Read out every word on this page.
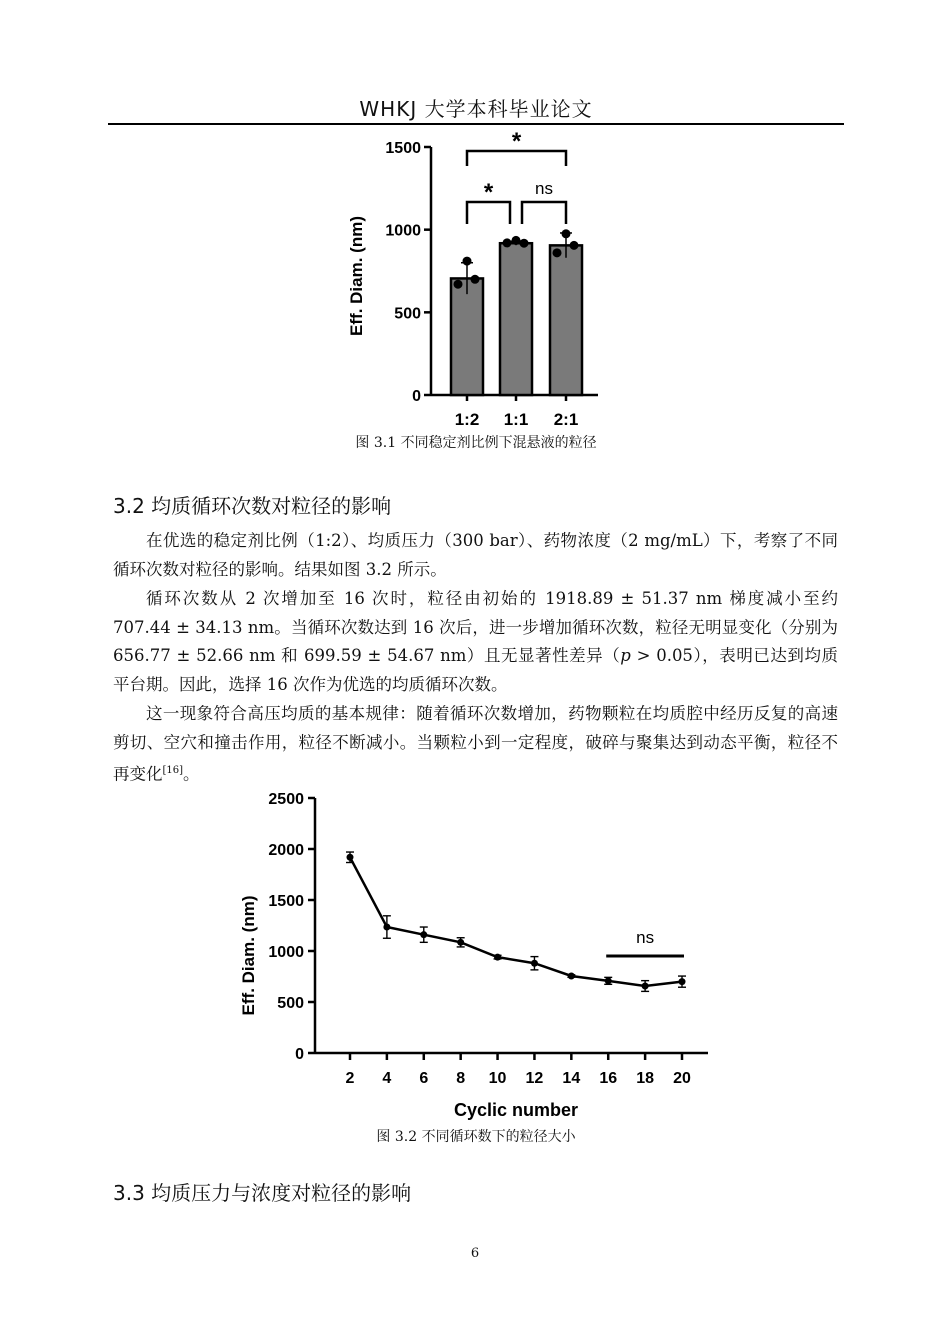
WHKJ 大学本科毕业论文
0
500
1000
1500
Eff. Diam. (nm)
1:2 1:1 2:1
*
* ns
图 3.1 不同稳定剂比例下混悬液的粒径
3.2 均质循环次数对粒径的影响

在优选的稳定剂比例（1:2）、均质压力（300 bar）、药物浓度（2 mg/mL）下，考察了不同循环次数对粒径的影响。结果如图 3.2 所示。

循环次数从 2 次增加至 16 次时，粒径由初始的 1918.89 ± 51.37 nm 梯度减小至约 707.44 ± 34.13 nm。当循环次数达到 16 次后，进一步增加循环次数，粒径无明显变化（分别为 656.77 ± 52.66 nm 和 699.59 ± 54.67 nm）且无显著性差异（p > 0.05），表明已达到均质平台期。因此，选择 16 次作为优选的均质循环次数。

这一现象符合高压均质的基本规律：随着循环次数增加，药物颗粒在均质腔中经历反复的高速剪切、空穴和撞击作用，粒径不断减小。当颗粒小到一定程度，破碎与聚集达到动态平衡，粒径不再变化[16]。

0
500
1000
1500
2000
2500
Eff. Diam. (nm)
2 4 6 8 10 12 14 16 18 20
Cyclic number
ns
图 3.2 不同循环数下的粒径大小
3.3 均质压力与浓度对粒径的影响
6
